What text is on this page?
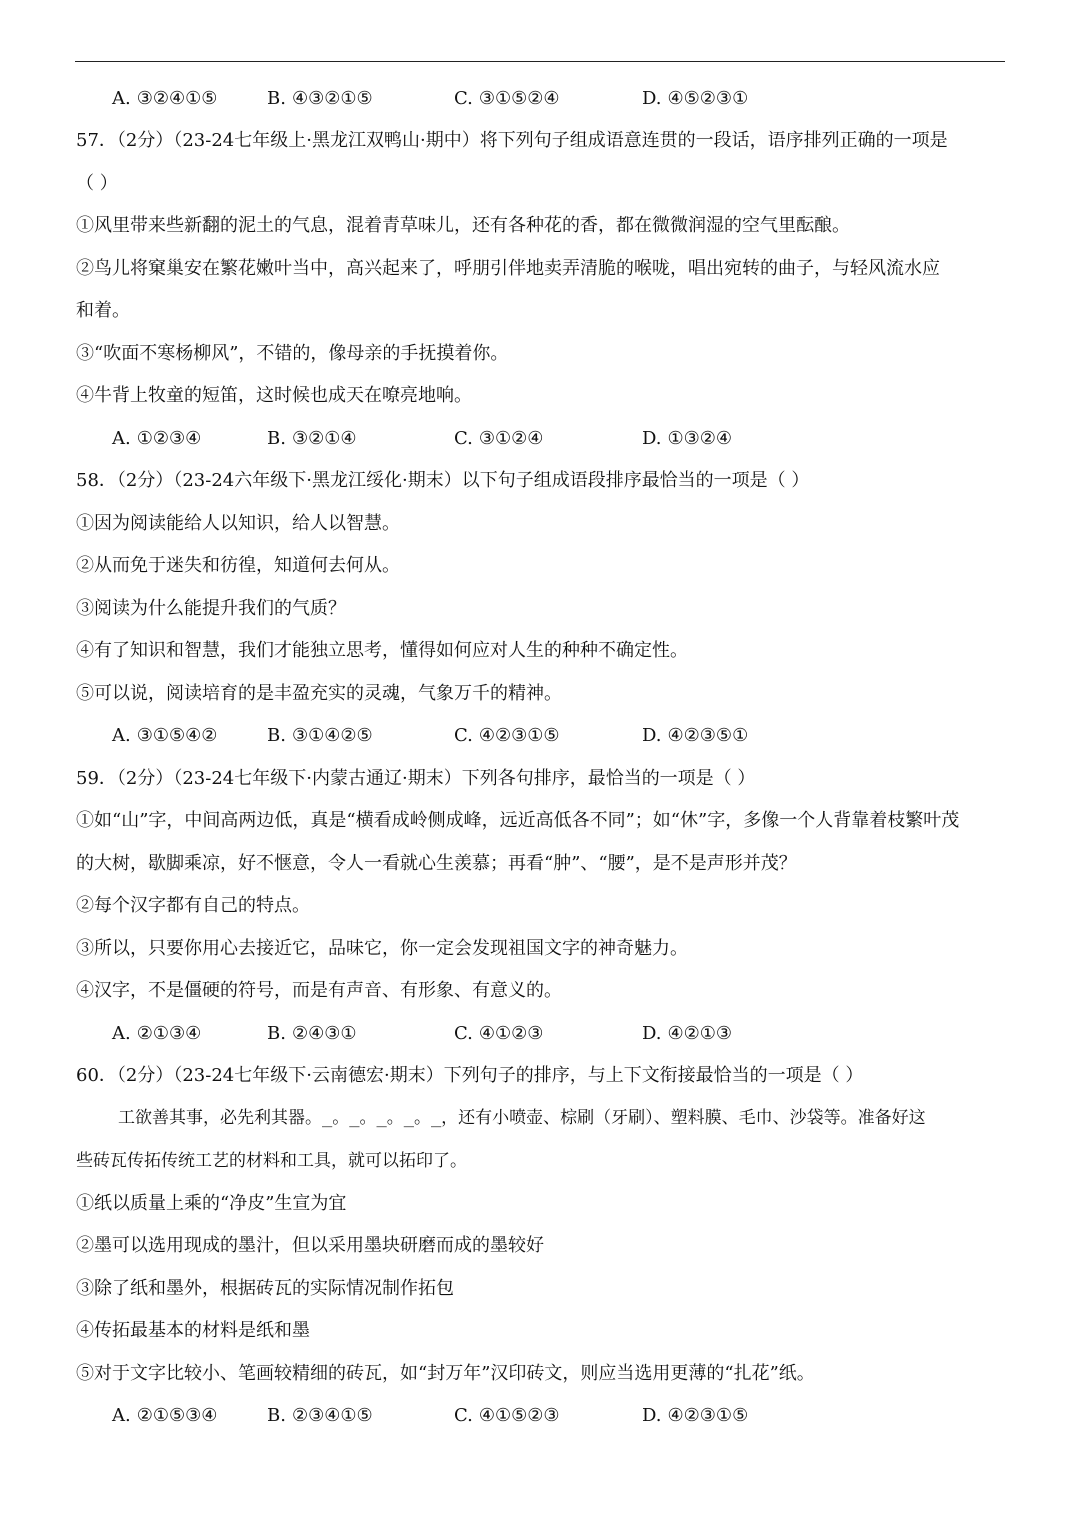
A. ③②④①⑤	B. ④③②①⑤	C. ③①⑤②④	D. ④⑤②③①
57．（2分）（23-24七年级上·黑龙江双鸭山·期中）将下列句子组成语意连贯的一段话，语序排列正确的一项是
（ ）
①风里带来些新翻的泥土的气息，混着青草味儿，还有各种花的香，都在微微润湿的空气里酝酿。
②鸟儿将窠巢安在繁花嫩叶当中，高兴起来了，呼朋引伴地卖弄清脆的喉咙，唱出宛转的曲子，与轻风流水应
和着。
③“吹面不寒杨柳风”，不错的，像母亲的手抚摸着你。
④牛背上牧童的短笛，这时候也成天在嘹亮地响。
A. ①②③④	B. ③②①④	C. ③①②④	D. ①③②④
58．（2分）（23-24六年级下·黑龙江绥化·期末）以下句子组成语段排序最恰当的一项是（ ）
①因为阅读能给人以知识，给人以智慧。
②从而免于迷失和彷徨，知道何去何从。
③阅读为什么能提升我们的气质？
④有了知识和智慧，我们才能独立思考，懂得如何应对人生的种种不确定性。
⑤可以说，阅读培育的是丰盈充实的灵魂，气象万千的精神。
A. ③①⑤④②	B. ③①④②⑤	C. ④②③①⑤	D. ④②③⑤①
59．（2分）（23-24七年级下·内蒙古通辽·期末）下列各句排序，最恰当的一项是（ ）
①如“山”字，中间高两边低，真是“横看成岭侧成峰，远近高低各不同”；如“休”字，多像一个人背靠着枝繁叶茂
的大树，歇脚乘凉，好不惬意，令人一看就心生羡慕；再看“肿”、“腰”，是不是声形并茂？
②每个汉字都有自己的特点。
③所以，只要你用心去接近它，品味它，你一定会发现祖国文字的神奇魅力。
④汉字，不是僵硬的符号，而是有声音、有形象、有意义的。
A. ②①③④	B. ②④③①	C. ④①②③	D. ④②①③
60．（2分）（23-24七年级下·云南德宏·期末）下列句子的排序，与上下文衔接最恰当的一项是（ ）
工欲善其事，必先利其器。_。_。_。_。_，还有小喷壶、棕刷（牙刷）、塑料膜、毛巾、沙袋等。准备好这
些砖瓦传拓传统工艺的材料和工具，就可以拓印了。
①纸以质量上乘的“净皮”生宣为宜
②墨可以选用现成的墨汁，但以采用墨块研磨而成的墨较好
③除了纸和墨外，根据砖瓦的实际情况制作拓包
④传拓最基本的材料是纸和墨
⑤对于文字比较小、笔画较精细的砖瓦，如“封万年”汉印砖文，则应当选用更薄的“扎花”纸。
A. ②①⑤③④	B. ②③④①⑤	C. ④①⑤②③	D. ④②③①⑤
